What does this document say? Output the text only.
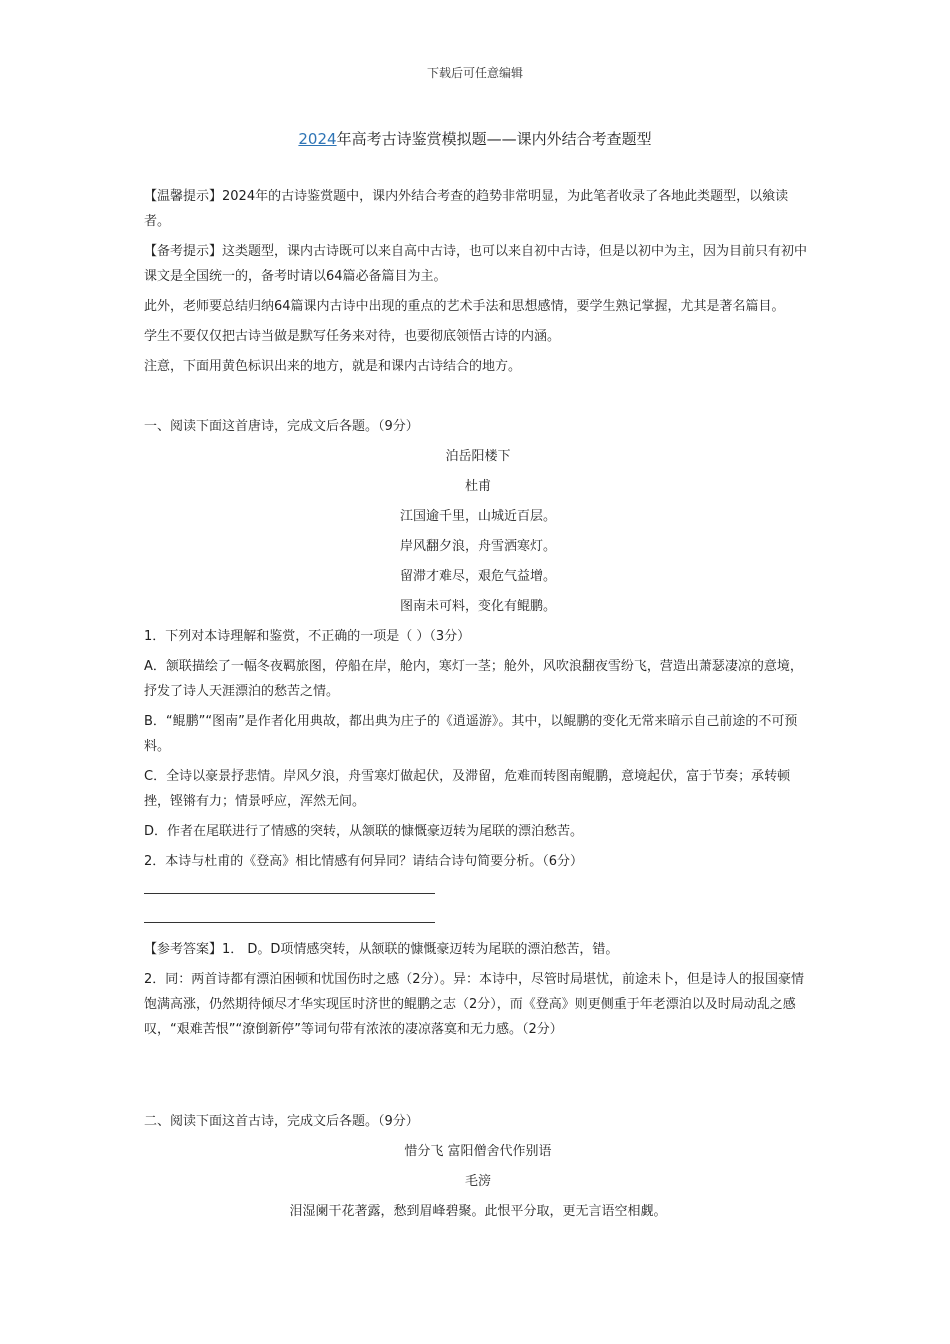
下载后可任意编辑
2024年高考古诗鉴赏模拟题——课内外结合考查题型

【温馨提示】2024年的古诗鉴赏题中，课内外结合考查的趋势非常明显，为此笔者收录了各地此类题型，以飨读者。

【备考提示】这类题型，课内古诗既可以来自高中古诗，也可以来自初中古诗，但是以初中为主，因为目前只有初中课文是全国统一的，备考时请以64篇必备篇目为主。

此外，老师要总结归纳64篇课内古诗中出现的重点的艺术手法和思想感情，要学生熟记掌握，尤其是著名篇目。

学生不要仅仅把古诗当做是默写任务来对待，也要彻底领悟古诗的内涵。

注意，下面用黄色标识出来的地方，就是和课内古诗结合的地方。

一、阅读下面这首唐诗，完成文后各题。（9分）

泊岳阳楼下

杜甫

江国逾千里，山城近百层。

岸风翻夕浪，舟雪洒寒灯。

留滞才难尽，艰危气益增。

图南未可料，变化有鲲鹏。

1．下列对本诗理解和鉴赏，不正确的一项是（ ）（3分）

A．颔联描绘了一幅冬夜羁旅图，停船在岸，舱内，寒灯一茎；舱外，风吹浪翻夜雪纷飞，营造出萧瑟凄凉的意境，抒发了诗人天涯漂泊的愁苦之情。

B．“鲲鹏”“图南”是作者化用典故，都出典为庄子的《逍遥游》。其中，以鲲鹏的变化无常来暗示自己前途的不可预料。

C．全诗以豪景抒悲情。岸风夕浪，舟雪寒灯做起伏，及滞留，危难而转图南鲲鹏，意境起伏，富于节奏；承转顿挫，铿锵有力；情景呼应，浑然无间。

D．作者在尾联进行了情感的突转，从颔联的慷慨豪迈转为尾联的漂泊愁苦。

2．本诗与杜甫的《登高》相比情感有何异同？请结合诗句简要分析。（6分）

【参考答案】1． D。D项情感突转，从颔联的慷慨豪迈转为尾联的漂泊愁苦，错。

2．同：两首诗都有漂泊困顿和忧国伤时之感（2分）。异：本诗中，尽管时局堪忧，前途未卜，但是诗人的报国豪情饱满高涨，仍然期待倾尽才华实现匡时济世的鲲鹏之志（2分），而《登高》则更侧重于年老漂泊以及时局动乱之感叹，“艰难苦恨”“潦倒新停”等词句带有浓浓的凄凉落寞和无力感。（2分）

二、阅读下面这首古诗，完成文后各题。（9分）

惜分飞 富阳僧舍代作别语

毛滂

泪湿阑干花著露，愁到眉峰碧聚。此恨平分取，更无言语空相觑。
